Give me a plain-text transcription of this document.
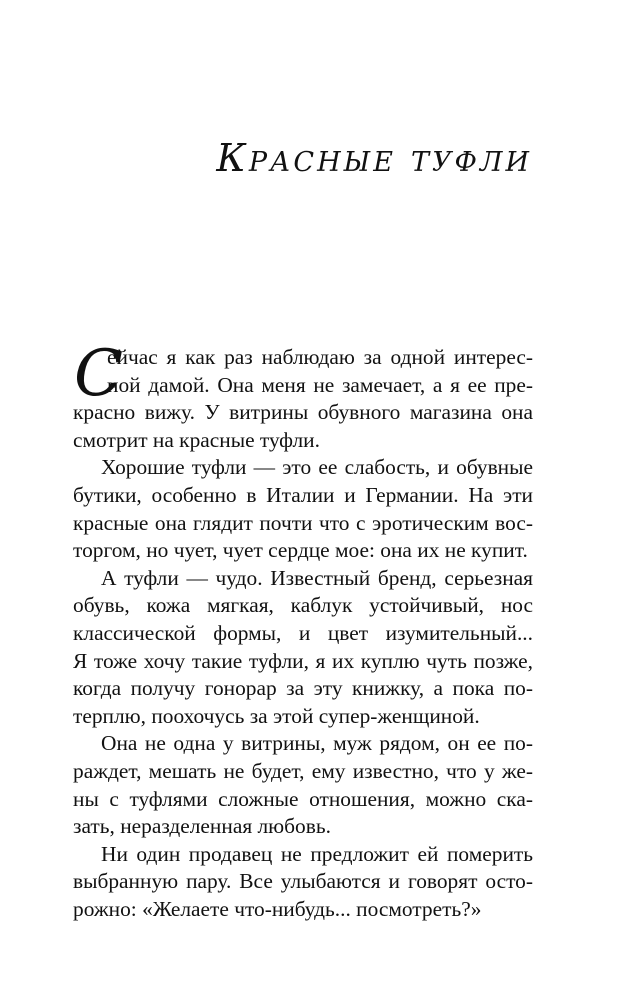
Красные туфли
С
ейчас я как раз наблюдаю за одной интерес-
ной дамой. Она меня не замечает, а я ее пре-
красно вижу. У витрины обувного магазина она
смотрит на красные туфли.
Хорошие туфли — это ее слабость, и обувные
бутики, особенно в Италии и Германии. На эти
красные она глядит почти что с эротическим вос-
торгом, но чует, чует сердце мое: она их не купит.
А туфли — чудо. Известный бренд, серьезная
обувь, кожа мягкая, каблук устойчивый, нос
классической формы, и цвет изумительный...
Я тоже хочу такие туфли, я их куплю чуть позже,
когда получу гонорар за эту книжку, а пока по-
терплю, поохочусь за этой супер-женщиной.
Она не одна у витрины, муж рядом, он ее по-
раждет, мешать не будет, ему известно, что у же-
ны с туфлями сложные отношения, можно ска-
зать, неразделенная любовь.
Ни один продавец не предложит ей померить
выбранную пару. Все улыбаются и говорят осто-
рожно: «Желаете что-нибудь... посмотреть?»
